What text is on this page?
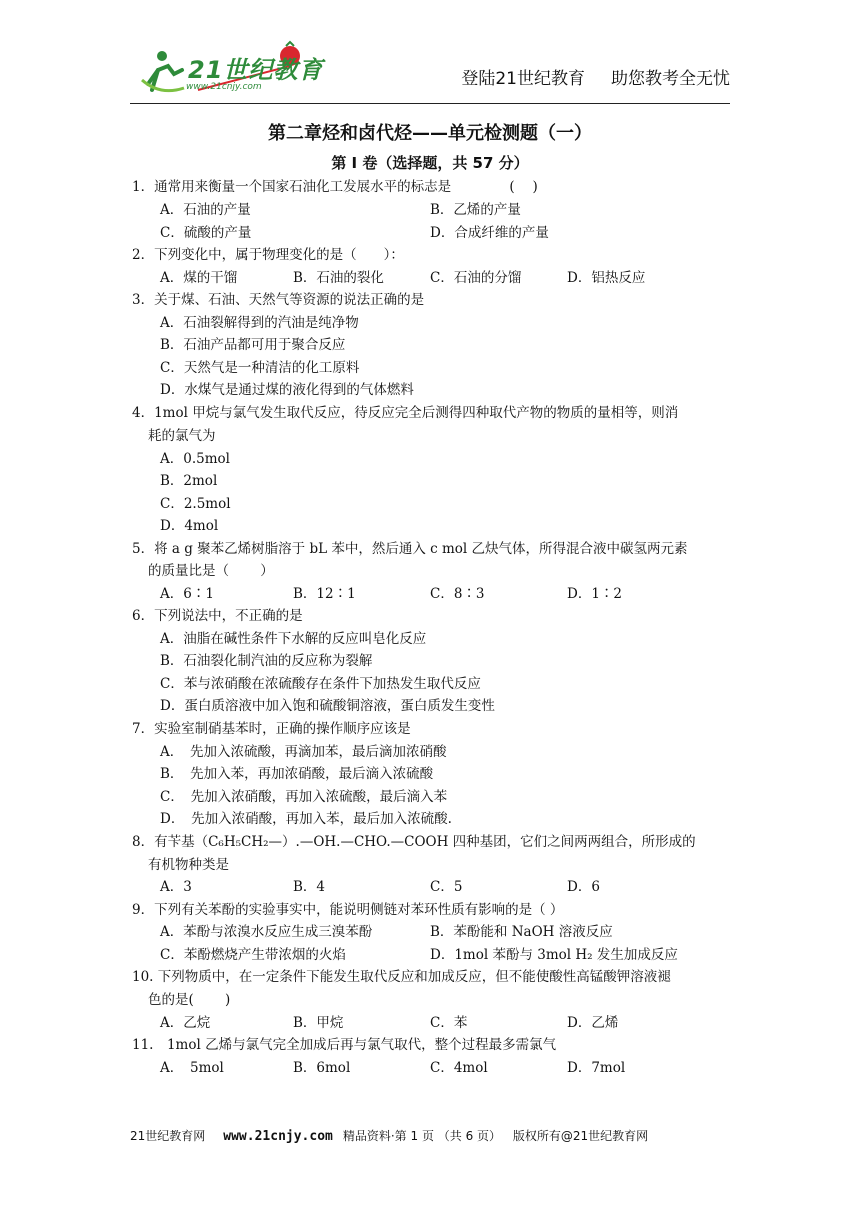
21世纪教育
www.21cnjy.com	登陆21世纪教育 助您教考全无忧
第二章烃和卤代烃——单元检测题（一）
第 I 卷（选择题，共 57 分）
1．通常用来衡量一个国家石油化工发展水平的标志是　　　　 (　 )
A．石油的产量	B．乙烯的产量
C．硫酸的产量	D．合成纤维的产量
2．下列变化中，属于物理变化的是（　　）：
A．煤的干馏	B．石油的裂化	C．石油的分馏	D．铝热反应
3．关于煤、石油、天然气等资源的说法正确的是
A．石油裂解得到的汽油是纯净物
B．石油产品都可用于聚合反应
C．天然气是一种清洁的化工原料
D．水煤气是通过煤的液化得到的气体燃料
4．1mol 甲烷与氯气发生取代反应，待反应完全后测得四种取代产物的物质的量相等，则消
耗的氯气为
A．0.5mol
B．2mol
C．2.5mol
D．4mol
5．将 a g 聚苯乙烯树脂溶于 bL 苯中，然后通入 c mol 乙炔气体，所得混合液中碳氢两元素
的质量比是（　　 ）
A．6∶1	B．12∶1	C．8∶3	D．1∶2
6．下列说法中，不正确的是
A．油脂在碱性条件下水解的反应叫皂化反应
B．石油裂化制汽油的反应称为裂解
C．苯与浓硝酸在浓硫酸存在条件下加热发生取代反应
D．蛋白质溶液中加入饱和硫酸铜溶液，蛋白质发生变性
7．实验室制硝基苯时，正确的操作顺序应该是
A．　先加入浓硫酸，再滴加苯，最后滴加浓硝酸
B．　先加入苯，再加浓硝酸，最后滴入浓硫酸
C．　先加入浓硝酸，再加入浓硫酸，最后滴入苯
D．　先加入浓硝酸，再加入苯，最后加入浓硫酸.
8．有苄基（C₆H₅CH₂—）.—OH.—CHO.—COOH 四种基团，它们之间两两组合，所形成的
有机物种类是
A．3	B．4	C．5	D．6
9．下列有关苯酚的实验事实中，能说明侧链对苯环性质有影响的是（ ）
A．苯酚与浓溴水反应生成三溴苯酚	B．苯酚能和 NaOH 溶液反应
C．苯酚燃烧产生带浓烟的火焰	D．1mol 苯酚与 3mol H₂ 发生加成反应
10. 下列物质中，在一定条件下能发生取代反应和加成反应，但不能使酸性高锰酸钾溶液褪
色的是(　　 )
A．乙烷	B．甲烷	C．苯	D．乙烯
11.　1mol 乙烯与氯气完全加成后再与氯气取代，整个过程最多需氯气
A．　5mol	B．6mol	C．4mol	D．7mol
21世纪教育网 www.21cnjy.com 精品资料·第 1 页 （共 6 页） 版权所有@21世纪教育网
